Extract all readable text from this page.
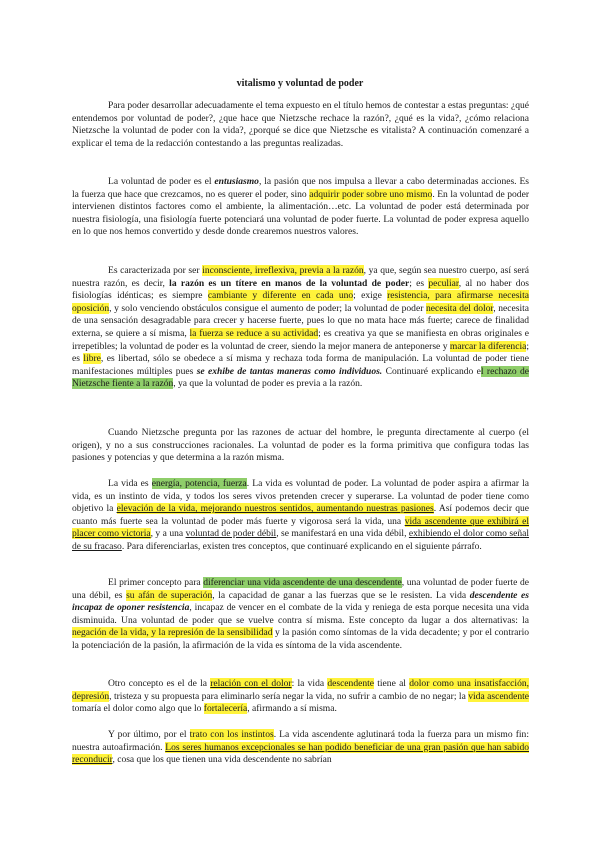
vitalismo y voluntad de poder

Para poder desarrollar adecuadamente el tema expuesto en el título hemos de contestar a estas preguntas: ¿qué entendemos por voluntad de poder?, ¿que hace que Nietzsche rechace la razón?, ¿qué es la vida?, ¿cómo relaciona Nietzsche la voluntad de poder con la vida?, ¿porqué se dice que Nietzsche es vitalista? A continuación comenzaré a explicar el tema de la redacción contestando a las preguntas realizadas.

La voluntad de poder es el entusiasmo, la pasión que nos impulsa a llevar a cabo determinadas acciones. Es la fuerza que hace que crezcamos, no es querer el poder, sino adquirir poder sobre uno mismo. En la voluntad de poder intervienen distintos factores como el ambiente, la alimentación…etc. La voluntad de poder está determinada por nuestra fisiología, una fisiología fuerte potenciará una voluntad de poder fuerte. La voluntad de poder expresa aquello en lo que nos hemos convertido y desde donde crearemos nuestros valores.

Es caracterizada por ser inconsciente, irreflexiva, previa a la razón, ya que, según sea nuestro cuerpo, así será nuestra razón, es decir, la razón es un títere en manos de la voluntad de poder; es peculiar, al no haber dos fisiologías idénticas; es siempre cambiante y diferente en cada uno; exige resistencia, para afirmarse necesita oposición, y solo venciendo obstáculos consigue el aumento de poder; la voluntad de poder necesita del dolor, necesita de una sensación desagradable para crecer y hacerse fuerte, pues lo que no mata hace más fuerte; carece de finalidad externa, se quiere a sí misma, la fuerza se reduce a su actividad; es creativa ya que se manifiesta en obras originales e irrepetibles; la voluntad de poder es la voluntad de creer, siendo la mejor manera de anteponerse y marcar la diferencia; es libre, es libertad, sólo se obedece a sí misma y rechaza toda forma de manipulación. La voluntad de poder tiene manifestaciones múltiples pues se exhibe de tantas maneras como individuos. Continuaré explicando el rechazo de Nietzsche fiente a la razón, ya que la voluntad de poder es previa a la razón.

Cuando Nietzsche pregunta por las razones de actuar del hombre, le pregunta directamente al cuerpo (el origen), y no a sus construcciones racionales. La voluntad de poder es la forma primitiva que configura todas las pasiones y potencias y que determina a la razón misma.

La vida es energía, potencia, fuerza. La vida es voluntad de poder. La voluntad de poder aspira a afirmar la vida, es un instinto de vida, y todos los seres vivos pretenden crecer y superarse. La voluntad de poder tiene como objetivo la elevación de la vida, mejorando nuestros sentidos, aumentando nuestras pasiones. Así podemos decir que cuanto más fuerte sea la voluntad de poder más fuerte y vigorosa será la vida, una vida ascendente que exhibirá el placer como victoria, y a una voluntad de poder débil, se manifestará en una vida débil, exhibiendo el dolor como señal de su fracaso. Para diferenciarlas, existen tres conceptos, que continuaré explicando en el siguiente párrafo.

El primer concepto para diferenciar una vida ascendente de una descendente, una voluntad de poder fuerte de una débil, es su afán de superación, la capacidad de ganar a las fuerzas que se le resisten. La vida descendente es incapaz de oponer resistencia, incapaz de vencer en el combate de la vida y reniega de esta porque necesita una vida disminuida. Una voluntad de poder que se vuelve contra sí misma. Este concepto da lugar a dos alternativas: la negación de la vida, y la represión de la sensibilidad y la pasión como síntomas de la vida decadente; y por el contrario la potenciación de la pasión, la afirmación de la vida es síntoma de la vida ascendente.

Otro concepto es el de la relación con el dolor: la vida descendente tiene al dolor como una insatisfacción, depresión, tristeza y su propuesta para eliminarlo sería negar la vida, no sufrir a cambio de no negar; la vida ascendente tomaría el dolor como algo que lo fortalecería, afirmando a sí misma.

Y por último, por el trato con los instintos. La vida ascendente aglutinará toda la fuerza para un mismo fin: nuestra autoafirmación. Los seres humanos excepcionales se han podido beneficiar de una gran pasión que han sabido reconducir, cosa que los que tienen una vida descendente no sabrían
